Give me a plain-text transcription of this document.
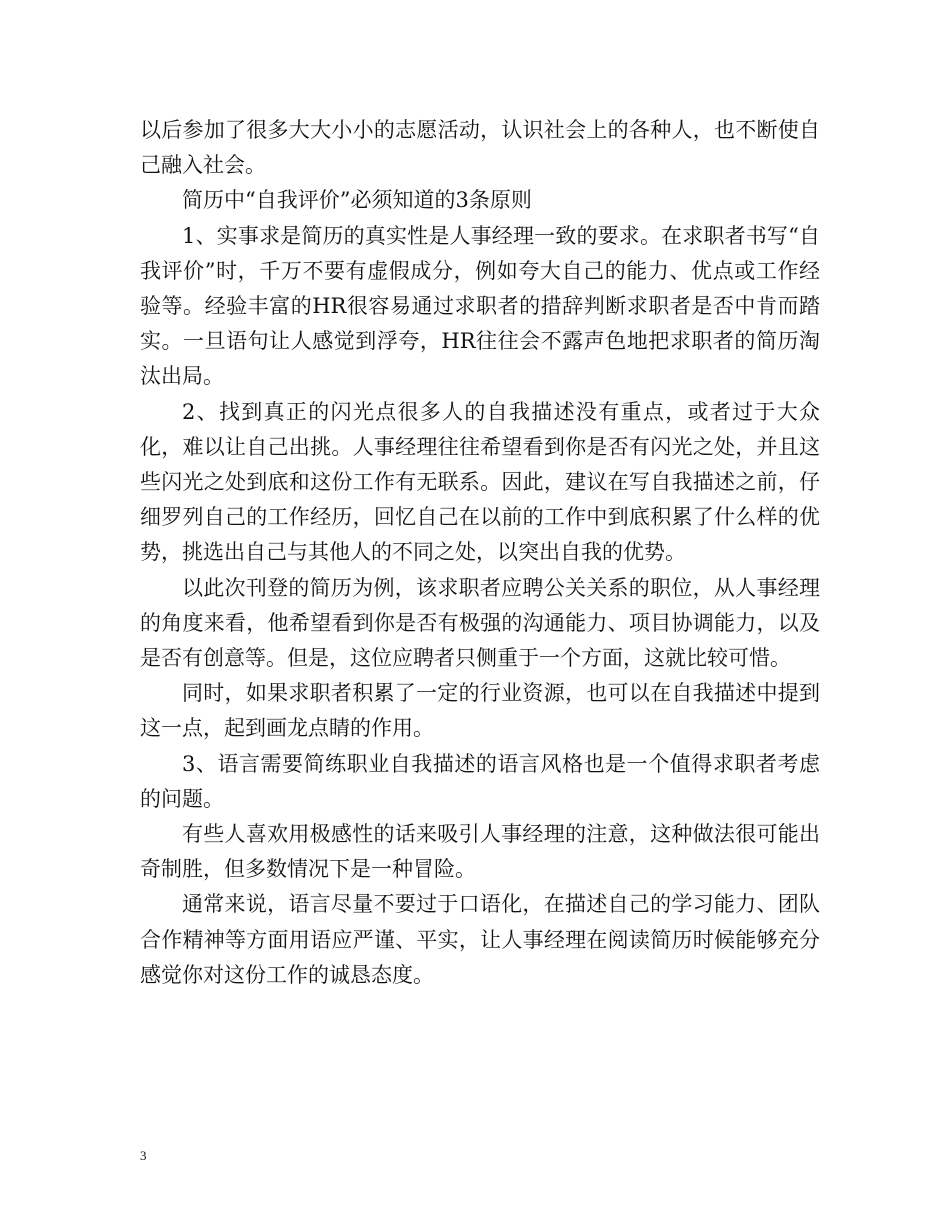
以后参加了很多大大小小的志愿活动，认识社会上的各种人，也不断使自己融入社会。

简历中“自我评价”必须知道的3条原则

1、实事求是简历的真实性是人事经理一致的要求。在求职者书写“自我评价”时，千万不要有虚假成分，例如夸大自己的能力、优点或工作经验等。经验丰富的HR很容易通过求职者的措辞判断求职者是否中肯而踏实。一旦语句让人感觉到浮夸，HR往往会不露声色地把求职者的简历淘汰出局。

2、找到真正的闪光点很多人的自我描述没有重点，或者过于大众化，难以让自己出挑。人事经理往往希望看到你是否有闪光之处，并且这些闪光之处到底和这份工作有无联系。因此，建议在写自我描述之前，仔细罗列自己的工作经历，回忆自己在以前的工作中到底积累了什么样的优势，挑选出自己与其他人的不同之处，以突出自我的优势。

以此次刊登的简历为例，该求职者应聘公关关系的职位，从人事经理的角度来看，他希望看到你是否有极强的沟通能力、项目协调能力，以及是否有创意等。但是，这位应聘者只侧重于一个方面，这就比较可惜。

同时，如果求职者积累了一定的行业资源，也可以在自我描述中提到这一点，起到画龙点睛的作用。

3、语言需要简练职业自我描述的语言风格也是一个值得求职者考虑的问题。

有些人喜欢用极感性的话来吸引人事经理的注意，这种做法很可能出奇制胜，但多数情况下是一种冒险。

通常来说，语言尽量不要过于口语化，在描述自己的学习能力、团队合作精神等方面用语应严谨、平实，让人事经理在阅读简历时候能够充分感觉你对这份工作的诚恳态度。

3
